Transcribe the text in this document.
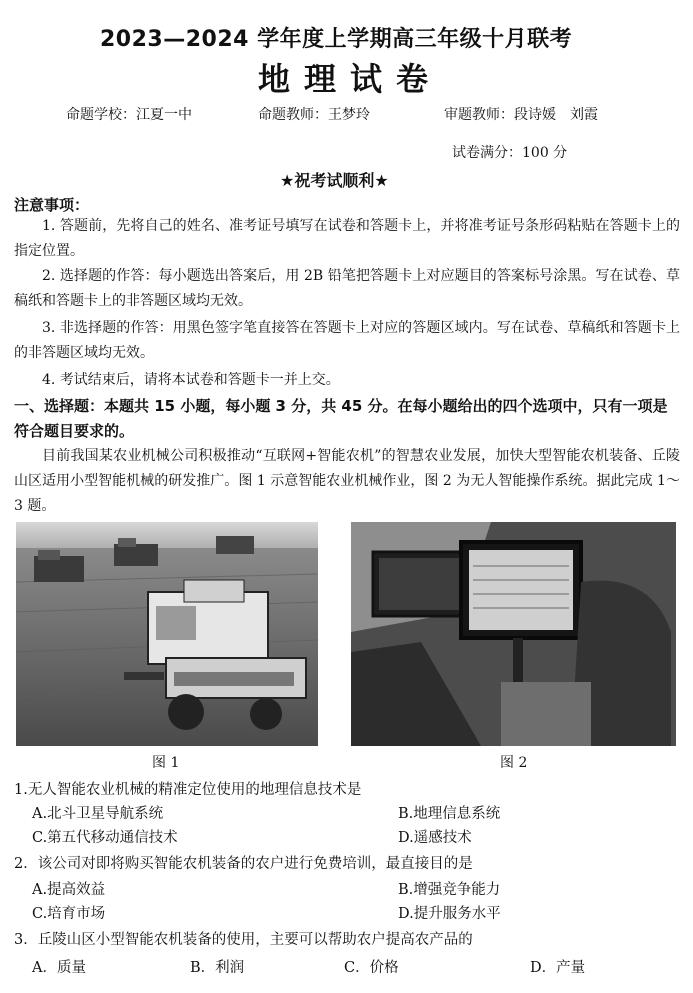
2023—2024 学年度上学期高三年级十月联考
地理试卷
命题学校：江夏一中	命题教师：王梦玲	审题教师：段诗媛　刘霞
试卷满分：100 分
★祝考试顺利★
注意事项：
1. 答题前，先将自己的姓名、准考证号填写在试卷和答题卡上，并将准考证号条形码粘贴在答题卡上的指定位置。
2. 选择题的作答：每小题选出答案后，用 2B 铅笔把答题卡上对应题目的答案标号涂黑。写在试卷、草稿纸和答题卡上的非答题区域均无效。
3. 非选择题的作答：用黑色签字笔直接答在答题卡上对应的答题区域内。写在试卷、草稿纸和答题卡上的非答题区域均无效。
4. 考试结束后，请将本试卷和答题卡一并上交。
一、选择题：本题共 15 小题，每小题 3 分，共 45 分。在每小题给出的四个选项中，只有一项是符合题目要求的。
目前我国某农业机械公司积极推动“互联网+智能农机”的智慧农业发展，加快大型智能农机装备、丘陵山区适用小型智能机械的研发推广。图 1 示意智能农业机械作业，图 2 为无人智能操作系统。据此完成 1～3 题。
图 1	图 2
1.无人智能农业机械的精准定位使用的地理信息技术是
A.北斗卫星导航系统	B.地理信息系统
C.第五代移动通信技术	D.遥感技术
2．该公司对即将购买智能农机装备的农户进行免费培训，最直接目的是
A.提高效益	B.增强竞争能力
C.培育市场	D.提升服务水平
3．丘陵山区小型智能农机装备的使用，主要可以帮助农户提高农产品的
A．质量	B．利润	C．价格	D．产量
